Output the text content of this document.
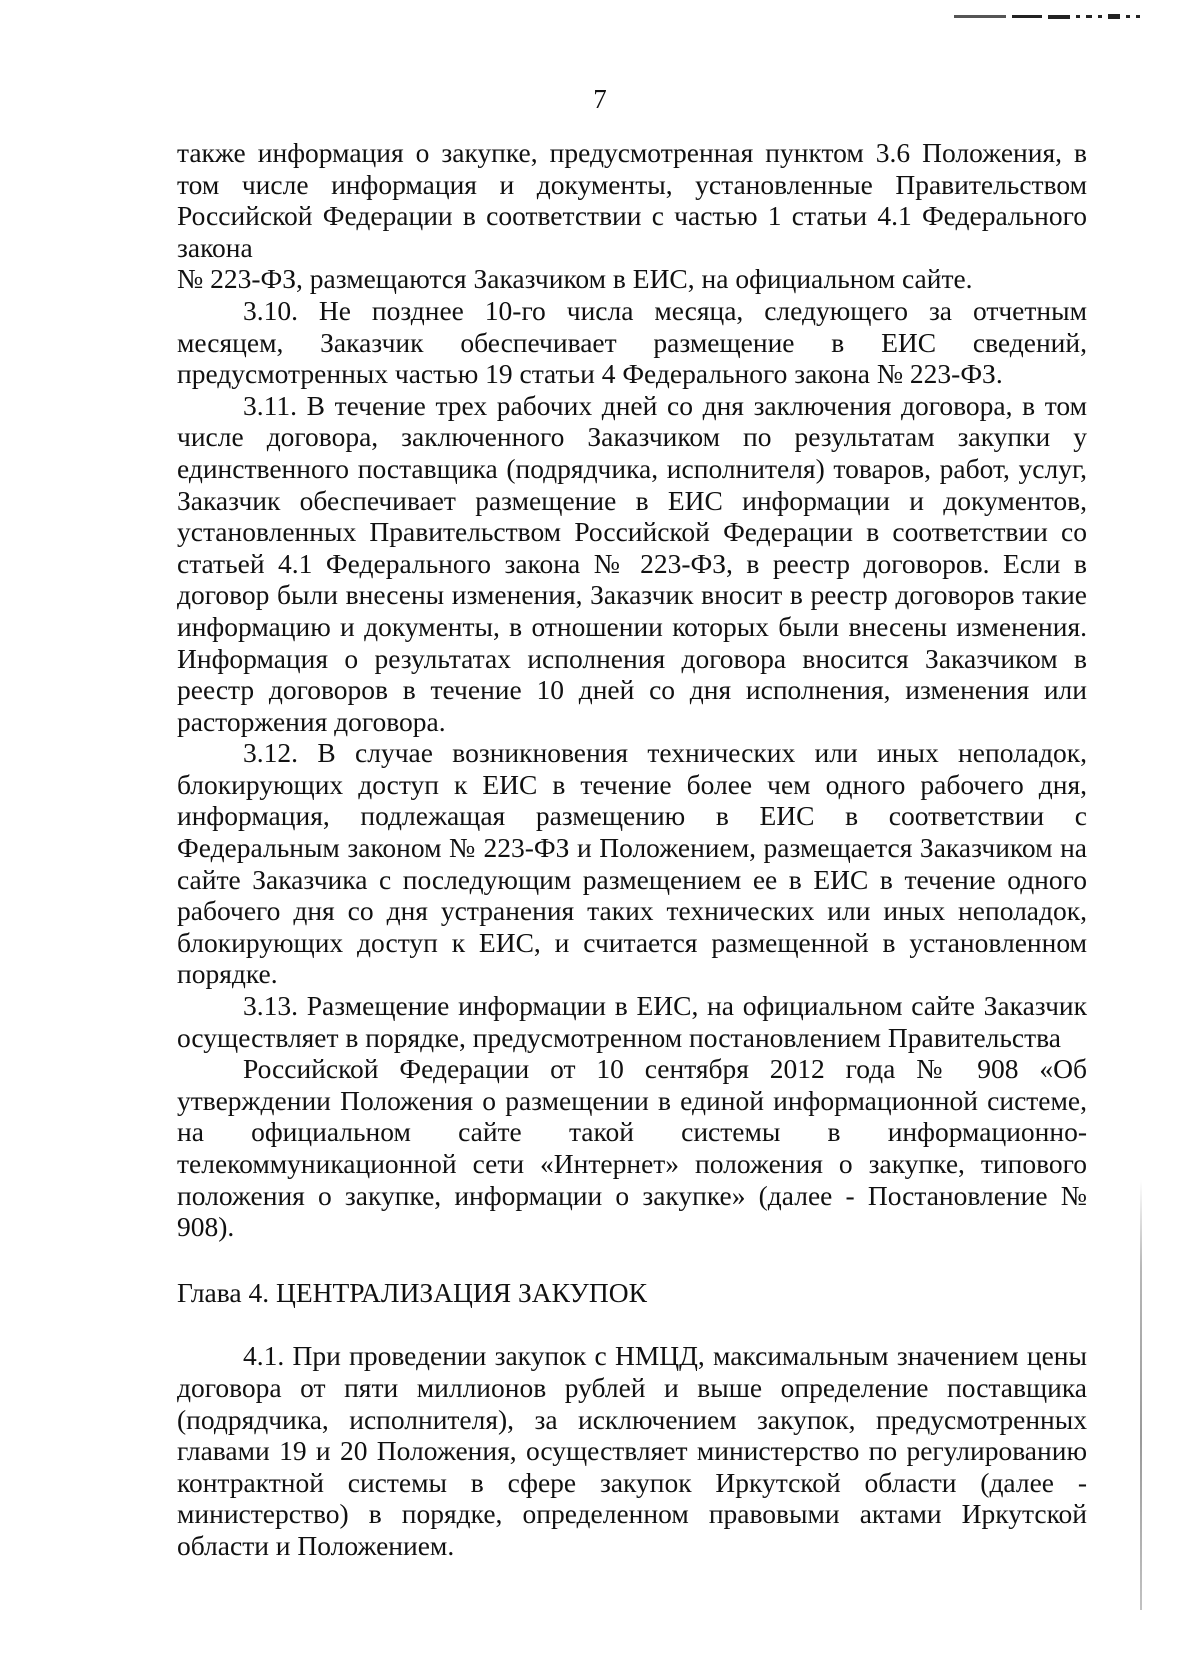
7

также информация о закупке, предусмотренная пунктом 3.6 Положения, в том числе информация и документы, установленные Правительством Российской Федерации в соответствии с частью 1 статьи 4.1 Федерального закона

№ 223-ФЗ, размещаются Заказчиком в ЕИС, на официальном сайте.

3.10. Не позднее 10-го числа месяца, следующего за отчетным месяцем, Заказчик обеспечивает размещение в ЕИС сведений, предусмотренных частью 19 статьи 4 Федерального закона № 223-ФЗ.

3.11. В течение трех рабочих дней со дня заключения договора, в том числе договора, заключенного Заказчиком по результатам закупки у единственного поставщика (подрядчика, исполнителя) товаров, работ, услуг, Заказчик обеспечивает размещение в ЕИС информации и документов, установленных Правительством Российской Федерации в соответствии со статьей 4.1 Федерального закона № 223-ФЗ, в реестр договоров. Если в договор были внесены изменения, Заказчик вносит в реестр договоров такие информацию и документы, в отношении которых были внесены изменения. Информация о результатах исполнения договора вносится Заказчиком в реестр договоров в течение 10 дней со дня исполнения, изменения или расторжения договора.

3.12. В случае возникновения технических или иных неполадок, блокирующих доступ к ЕИС в течение более чем одного рабочего дня, информация, подлежащая размещению в ЕИС в соответствии с Федеральным законом № 223-ФЗ и Положением, размещается Заказчиком на сайте Заказчика с последующим размещением ее в ЕИС в течение одного рабочего дня со дня устранения таких технических или иных неполадок, блокирующих доступ к ЕИС, и считается размещенной в установленном порядке.

3.13. Размещение информации в ЕИС, на официальном сайте Заказчик осуществляет в порядке, предусмотренном постановлением Правительства

Российской Федерации от 10 сентября 2012 года № 908 «Об утверждении Положения о размещении в единой информационной системе, на официальном сайте такой системы в информационно-телекоммуникационной сети «Интернет» положения о закупке, типового положения о закупке, информации о закупке» (далее - Постановление № 908).

Глава 4. ЦЕНТРАЛИЗАЦИЯ ЗАКУПОК

4.1. При проведении закупок с НМЦД, максимальным значением цены договора от пяти миллионов рублей и выше определение поставщика (подрядчика, исполнителя), за исключением закупок, предусмотренных главами 19 и 20 Положения, осуществляет министерство по регулированию контрактной системы в сфере закупок Иркутской области (далее - министерство) в порядке, определенном правовыми актами Иркутской области и Положением.
